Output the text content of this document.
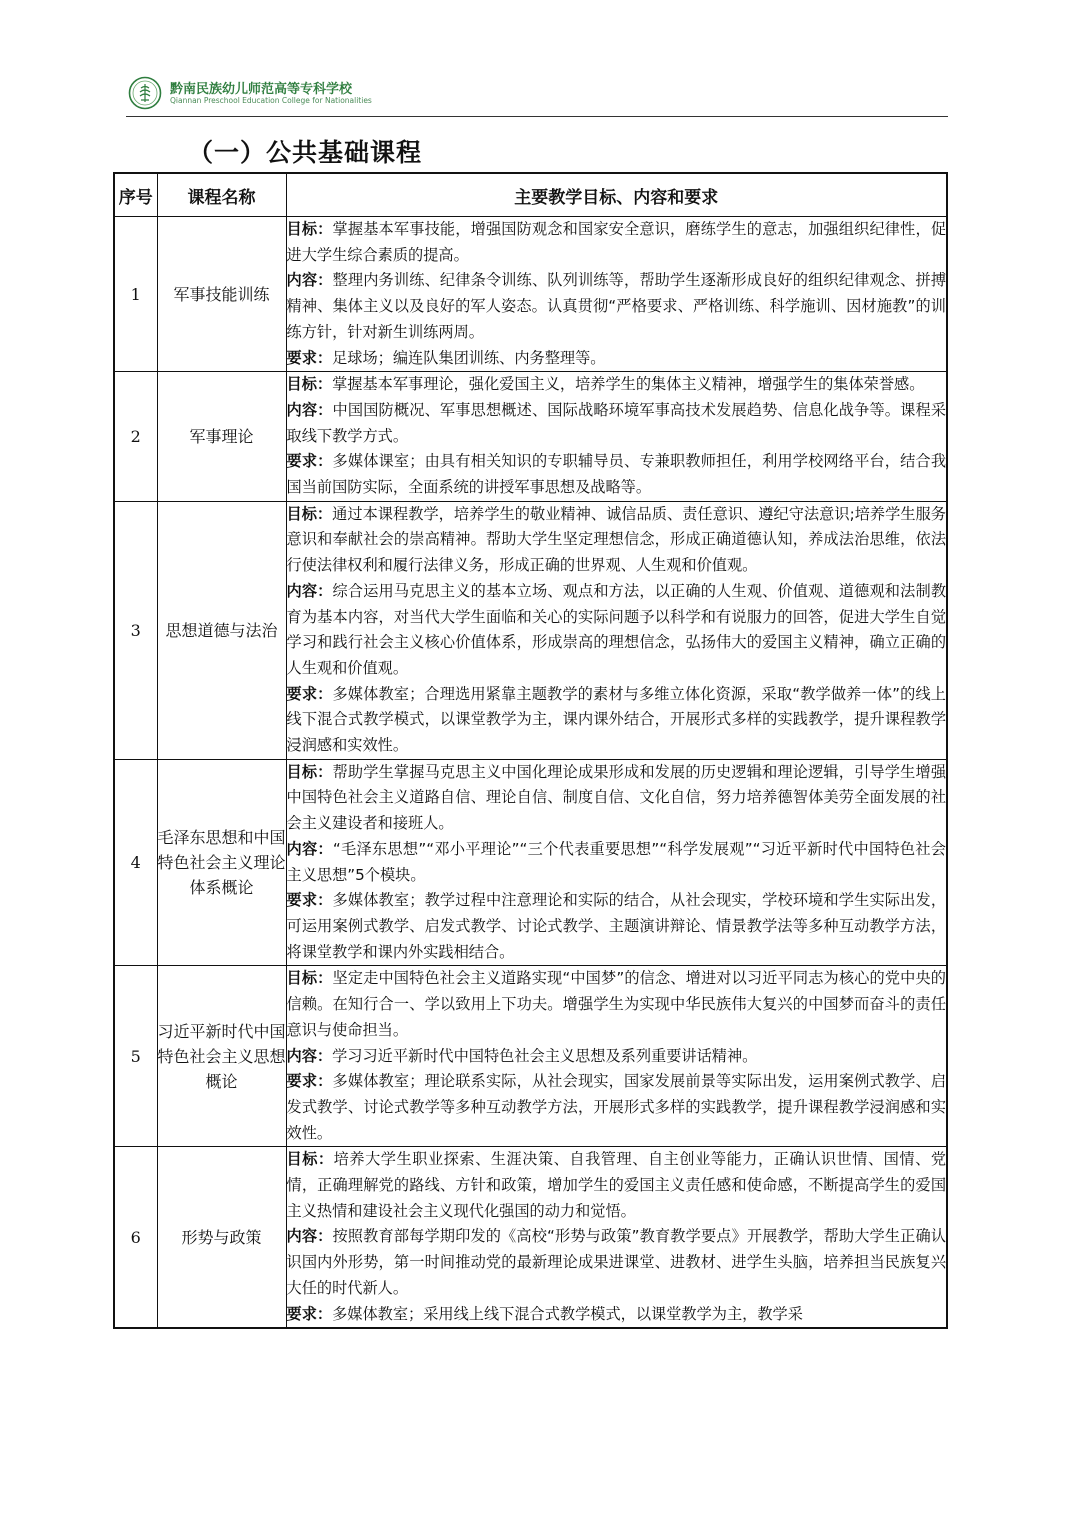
黔南民族幼儿师范高等专科学校
Qiannan Preschool Education College for Nationalities
（一）公共基础课程
序号	课程名称	主要教学目标、内容和要求
1	军事技能训练	目标：掌握基本军事技能，增强国防观念和国家安全意识，磨练学生的意志，加强组织纪律性，促进大学生综合素质的提高。

内容：整理内务训练、纪律条令训练、队列训练等，帮助学生逐渐形成良好的组织纪律观念、拼搏精神、集体主义以及良好的军人姿态。认真贯彻“严格要求、严格训练、科学施训、因材施教”的训练方针，针对新生训练两周。

要求：足球场；编连队集团训练、内务整理等。

2	军事理论	目标：掌握基本军事理论，强化爱国主义，培养学生的集体主义精神，增强学生的集体荣誉感。

内容：中国国防概况、军事思想概述、国际战略环境军事高技术发展趋势、信息化战争等。课程采取线下教学方式。

要求：多媒体课室；由具有相关知识的专职辅导员、专兼职教师担任，利用学校网络平台，结合我国当前国防实际，全面系统的讲授军事思想及战略等。

3	思想道德与法治	目标：通过本课程教学，培养学生的敬业精神、诚信品质、责任意识、遵纪守法意识;培养学生服务意识和奉献社会的崇高精神。帮助大学生坚定理想信念，形成正确道德认知，养成法治思维，依法行使法律权利和履行法律义务，形成正确的世界观、人生观和价值观。

内容：综合运用马克思主义的基本立场、观点和方法，以正确的人生观、价值观、道德观和法制教育为基本内容，对当代大学生面临和关心的实际问题予以科学和有说服力的回答，促进大学生自觉学习和践行社会主义核心价值体系，形成崇高的理想信念，弘扬伟大的爱国主义精神，确立正确的人生观和价值观。

要求：多媒体教室；合理选用紧靠主题教学的素材与多维立体化资源，采取“教学做养一体”的线上线下混合式教学模式，以课堂教学为主，课内课外结合，开展形式多样的实践教学，提升课程教学浸润感和实效性。

4	毛泽东思想和中国特色社会主义理论体系概论	目标：帮助学生掌握马克思主义中国化理论成果形成和发展的历史逻辑和理论逻辑，引导学生增强中国特色社会主义道路自信、理论自信、制度自信、文化自信，努力培养德智体美劳全面发展的社会主义建设者和接班人。

内容：“毛泽东思想”“邓小平理论”“三个代表重要思想”“科学发展观”“习近平新时代中国特色社会主义思想”5个模块。

要求：多媒体教室；教学过程中注意理论和实际的结合，从社会现实，学校环境和学生实际出发，可运用案例式教学、启发式教学、讨论式教学、主题演讲辩论、情景教学法等多种互动教学方法，将课堂教学和课内外实践相结合。

5	习近平新时代中国特色社会主义思想概论	目标：坚定走中国特色社会主义道路实现“中国梦”的信念、增进对以习近平同志为核心的党中央的信赖。在知行合一、学以致用上下功夫。增强学生为实现中华民族伟大复兴的中国梦而奋斗的责任意识与使命担当。

内容：学习习近平新时代中国特色社会主义思想及系列重要讲话精神。

要求：多媒体教室；理论联系实际，从社会现实，国家发展前景等实际出发，运用案例式教学、启发式教学、讨论式教学等多种互动教学方法，开展形式多样的实践教学，提升课程教学浸润感和实效性。

6	形势与政策	目标：培养大学生职业探索、生涯决策、自我管理、自主创业等能力，正确认识世情、国情、党情，正确理解党的路线、方针和政策，增加学生的爱国主义责任感和使命感，不断提高学生的爱国主义热情和建设社会主义现代化强国的动力和觉悟。

内容：按照教育部每学期印发的《高校“形势与政策”教育教学要点》开展教学，帮助大学生正确认识国内外形势，第一时间推动党的最新理论成果进课堂、进教材、进学生头脑，培养担当民族复兴大任的时代新人。

要求：多媒体教室；采用线上线下混合式教学模式，以课堂教学为主，教学采
